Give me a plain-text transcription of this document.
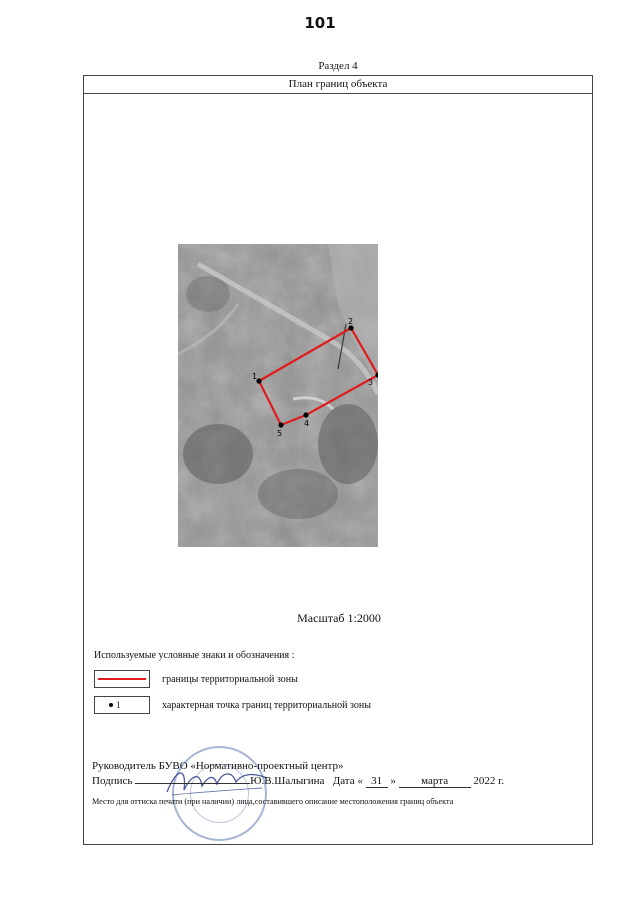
101
Раздел 4
План границ объекта
1
2
3
4
5
Масштаб 1:2000
Используемые условные знаки и обозначения :
границы территориальной зоны
1	характерная точка границ территориальной зоны
Руководитель БУВО «Нормативно-проектный центр»
Подпись	Ю.В.Шалыгина Дата « 31 » марта 2022 г.
Место для оттиска печати (при наличии) лица,составившего описание местоположения границ объекта
